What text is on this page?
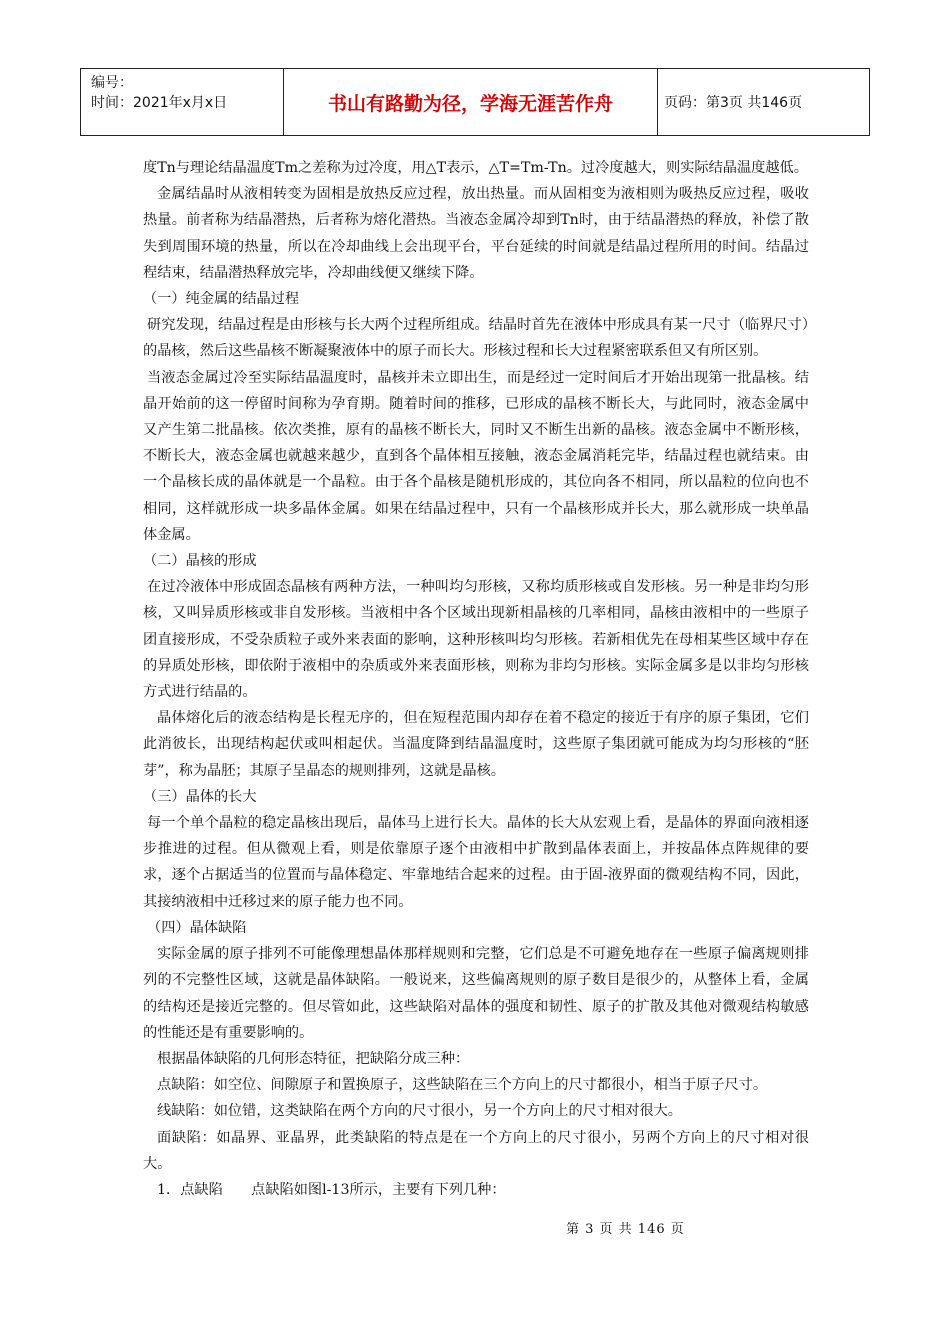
编号：
时间：2021年x月x日	书山有路勤为径，学海无涯苦作舟	页码：第3页 共146页

度Tn与理论结晶温度Tm之差称为过冷度，用△T表示，△T=Tm-Tn。过冷度越大，则实际结晶温度越低。

金属结晶时从液相转变为固相是放热反应过程，放出热量。而从固相变为液相则为吸热反应过程，吸收热量。前者称为结晶潜热，后者称为熔化潜热。当液态金属冷却到Tn时，由于结晶潜热的释放，补偿了散失到周围环境的热量，所以在冷却曲线上会出现平台，平台延续的时间就是结晶过程所用的时间。结晶过程结束，结晶潜热释放完毕，冷却曲线便又继续下降。

（一）纯金属的结晶过程

研究发现，结晶过程是由形核与长大两个过程所组成。结晶时首先在液体中形成具有某一尺寸（临界尺寸）的晶核，然后这些晶核不断凝聚液体中的原子而长大。形核过程和长大过程紧密联系但又有所区别。

当液态金属过冷至实际结晶温度时，晶核并未立即出生，而是经过一定时间后才开始出现第一批晶核。结晶开始前的这一停留时间称为孕育期。随着时间的推移，已形成的晶核不断长大，与此同时，液态金属中又产生第二批晶核。依次类推，原有的晶核不断长大，同时又不断生出新的晶核。液态金属中不断形核，不断长大，液态金属也就越来越少，直到各个晶体相互接触，液态金属消耗完毕，结晶过程也就结束。由一个晶核长成的晶体就是一个晶粒。由于各个晶核是随机形成的，其位向各不相同，所以晶粒的位向也不相同，这样就形成一块多晶体金属。如果在结晶过程中，只有一个晶核形成并长大，那么就形成一块单晶体金属。

（二）晶核的形成

在过冷液体中形成固态晶核有两种方法，一种叫均匀形核，又称均质形核或自发形核。另一种是非均匀形核，又叫异质形核或非自发形核。当液相中各个区域出现新相晶核的几率相同，晶核由液相中的一些原子团直接形成，不受杂质粒子或外来表面的影响，这种形核叫均匀形核。若新相优先在母相某些区域中存在的异质处形核，即依附于液相中的杂质或外来表面形核，则称为非均匀形核。实际金属多是以非均匀形核方式进行结晶的。

晶体熔化后的液态结构是长程无序的，但在短程范围内却存在着不稳定的接近于有序的原子集团，它们此消彼长，出现结构起伏或叫相起伏。当温度降到结晶温度时，这些原子集团就可能成为均匀形核的“胚芽”，称为晶胚；其原子呈晶态的规则排列，这就是晶核。

（三）晶体的长大

每一个单个晶粒的稳定晶核出现后，晶体马上进行长大。晶体的长大从宏观上看，是晶体的界面向液相逐步推进的过程。但从微观上看，则是依靠原子逐个由液相中扩散到晶体表面上，并按晶体点阵规律的要求，逐个占据适当的位置而与晶体稳定、牢靠地结合起来的过程。由于固-液界面的微观结构不同，因此，其接纳液相中迁移过来的原子能力也不同。

（四）晶体缺陷

实际金属的原子排列不可能像理想晶体那样规则和完整，它们总是不可避免地存在一些原子偏离规则排列的不完整性区域，这就是晶体缺陷。一般说来，这些偏离规则的原子数目是很少的，从整体上看，金属的结构还是接近完整的。但尽管如此，这些缺陷对晶体的强度和韧性、原子的扩散及其他对微观结构敏感的性能还是有重要影响的。

根据晶体缺陷的几何形态特征，把缺陷分成三种：

点缺陷：如空位、间隙原子和置换原子，这些缺陷在三个方向上的尺寸都很小，相当于原子尺寸。

线缺陷：如位错，这类缺陷在两个方向的尺寸很小，另一个方向上的尺寸相对很大。

面缺陷：如晶界、亚晶界，此类缺陷的特点是在一个方向上的尺寸很小，另两个方向上的尺寸相对很大。

1．点缺陷　　点缺陷如图l-13所示，主要有下列几种：

第 3 页 共 146 页
